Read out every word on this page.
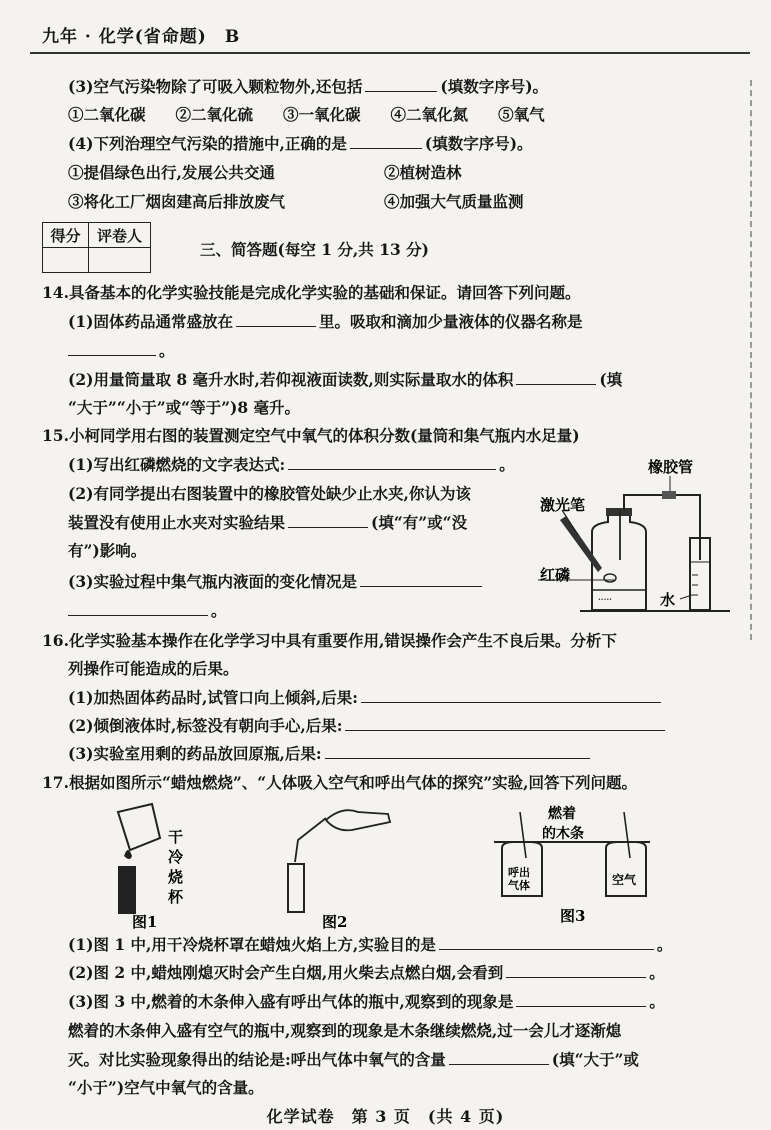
九年 · 化学(省命题)　B
(3)空气污染物除了可吸入颗粒物外,还包括	(填数字序号)。
①二氧化碳 ②二氧化硫 ③一氧化碳 ④二氧化氮 ⑤氧气
(4)下列治理空气污染的措施中,正确的是	(填数字序号)。
①提倡绿色出行,发展公共交通	②植树造林
③将化工厂烟囱建高后排放废气	④加强大气质量监测
得分	评卷人

三、简答题(每空 1 分,共 13 分)
14.具备基本的化学实验技能是完成化学实验的基础和保证。请回答下列问题。
(1)固体药品通常盛放在	里。吸取和滴加少量液体的仪器名称是
。
(2)用量筒量取 8 毫升水时,若仰视液面读数,则实际量取水的体积	(填
“大于”“小于”或“等于”)8 毫升。
15.小柯同学用右图的装置测定空气中氧气的体积分数(量筒和集气瓶内水足量)
(1)写出红磷燃烧的文字表达式:	。
(2)有同学提出右图装置中的橡胶管处缺少止水夹,你认为该
装置没有使用止水夹对实验结果	(填“有”或“没
有”)影响。
(3)实验过程中集气瓶内液面的变化情况是
。
·····
橡胶管
激光笔
红磷
水
16.化学实验基本操作在化学学习中具有重要作用,错误操作会产生不良后果。分析下
列操作可能造成的后果。
(1)加热固体药品时,试管口向上倾斜,后果:
(2)倾倒液体时,标签没有朝向手心,后果:
(3)实验室用剩的药品放回原瓶,后果:
17.根据如图所示“蜡烛燃烧”、“人体吸入空气和呼出气体的探究”实验,回答下列问题。
干
冷
烧
杯
图1	图2
燃着
的木条
呼出
气体	空气
图3
(1)图 1 中,用干冷烧杯罩在蜡烛火焰上方,实验目的是	。
(2)图 2 中,蜡烛刚熄灭时会产生白烟,用火柴去点燃白烟,会看到	。
(3)图 3 中,燃着的木条伸入盛有呼出气体的瓶中,观察到的现象是	。
燃着的木条伸入盛有空气的瓶中,观察到的现象是木条继续燃烧,过一会儿才逐渐熄
灭。对比实验现象得出的结论是:呼出气体中氧气的含量	(填“大于”或
“小于”)空气中氧气的含量。
化学试卷　第 3 页　(共 4 页)
